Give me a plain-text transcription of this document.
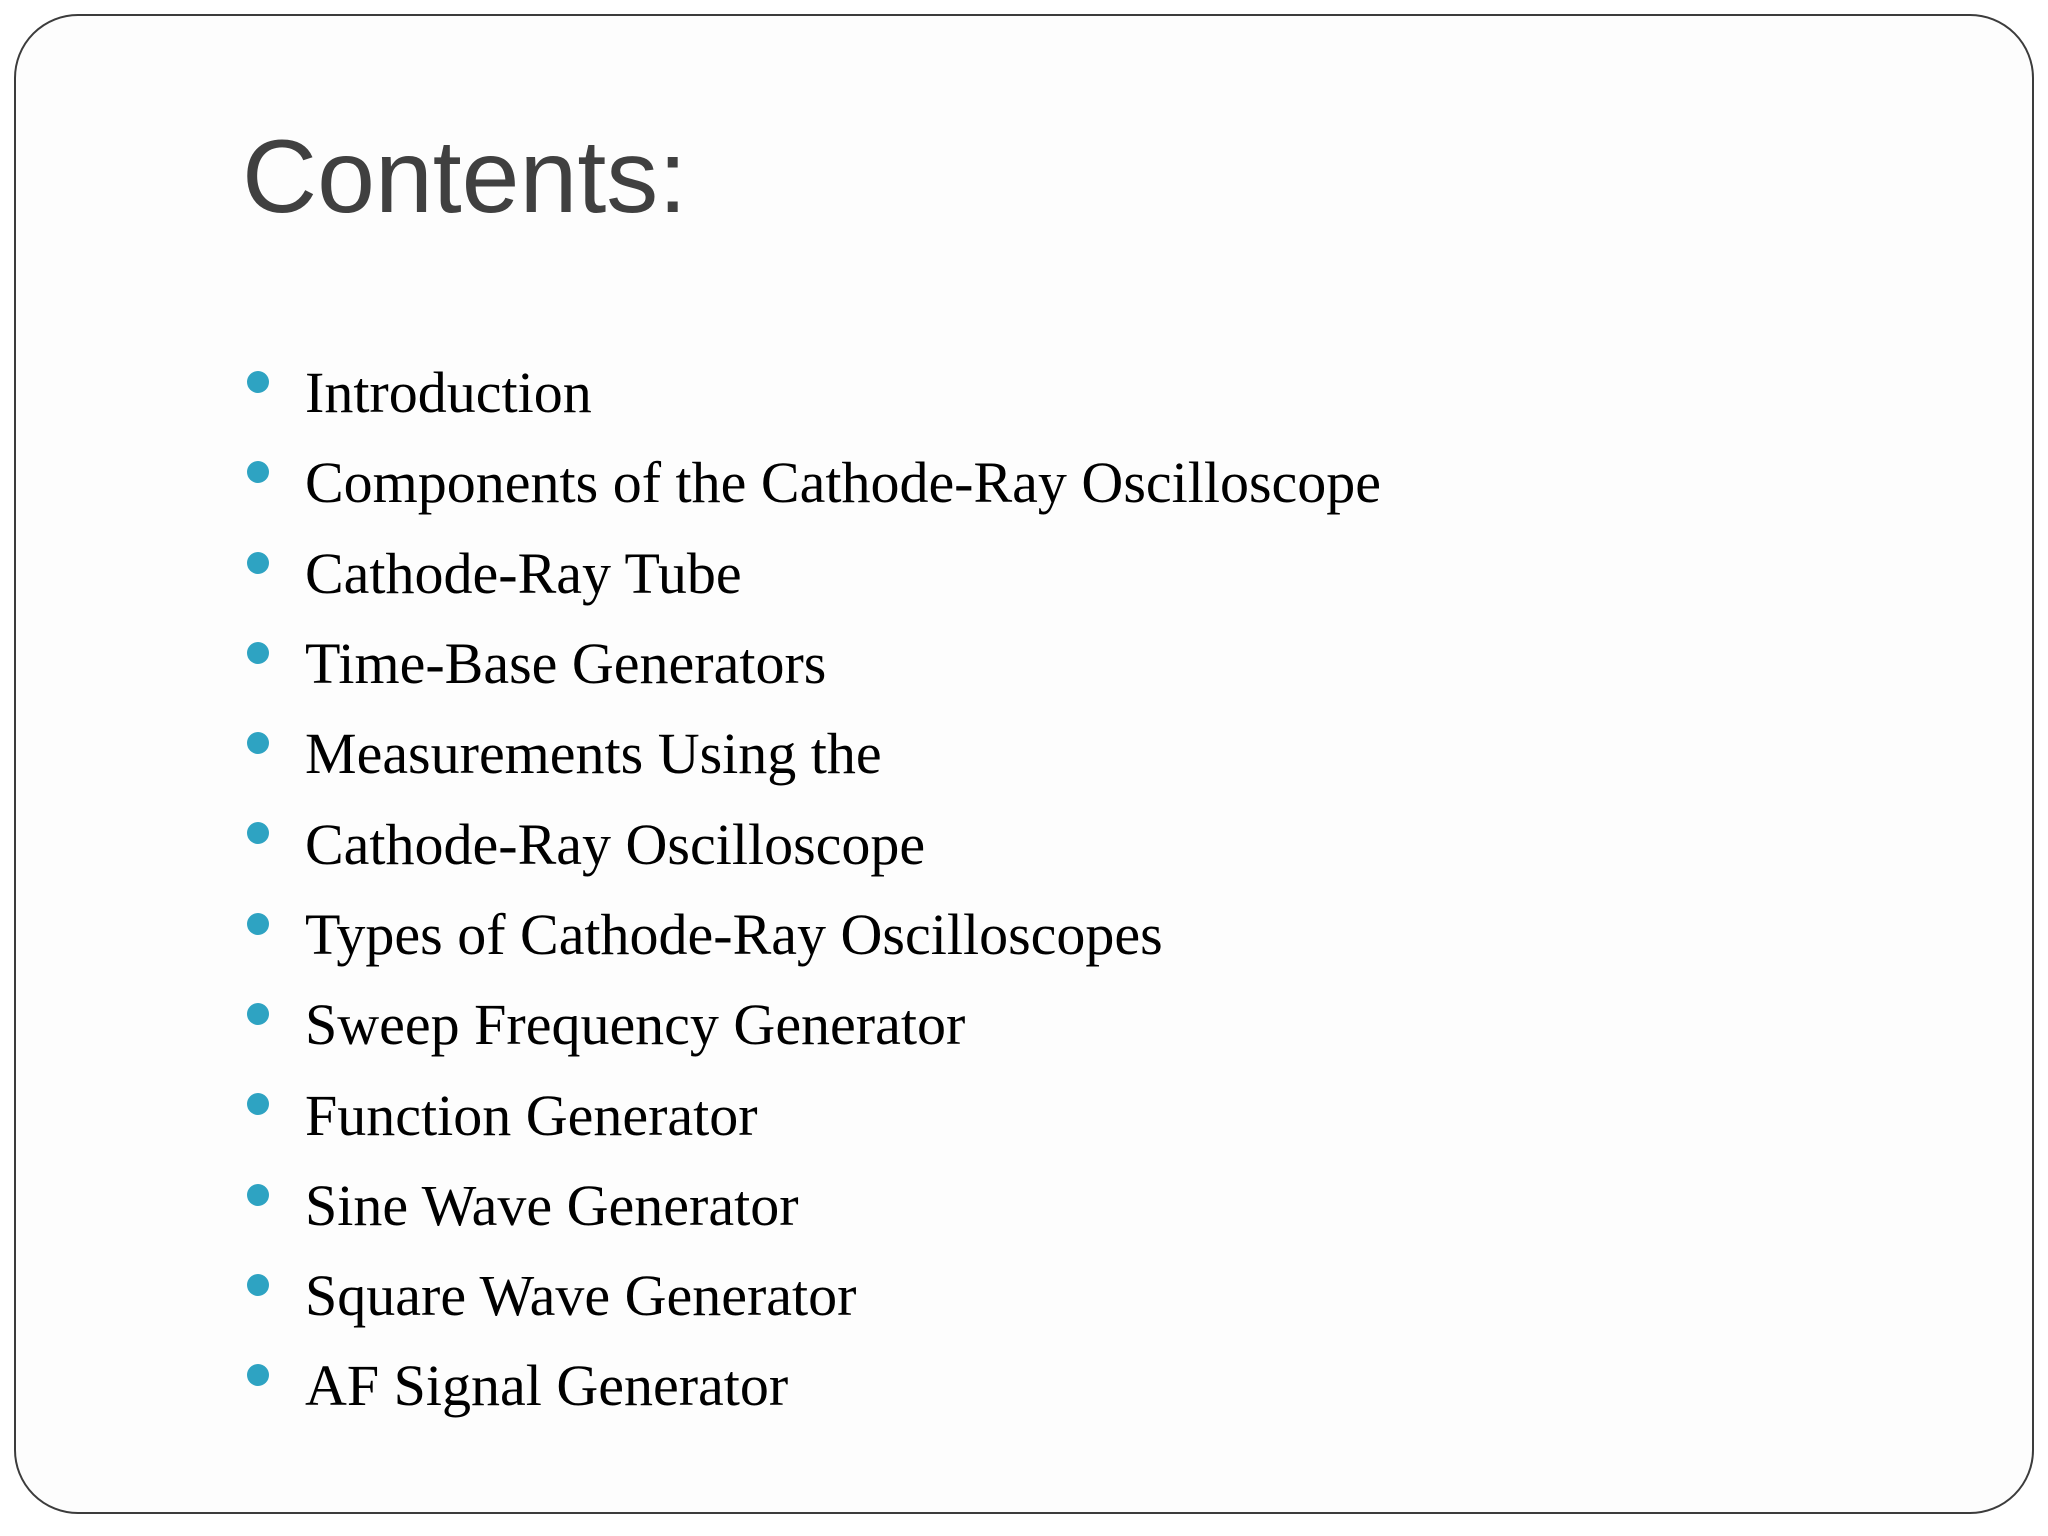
Contents:
Introduction
Components of the Cathode-Ray Oscilloscope
Cathode-Ray Tube
Time-Base Generators
Measurements Using the
Cathode-Ray Oscilloscope
Types of Cathode-Ray Oscilloscopes
Sweep Frequency Generator
Function Generator
Sine Wave Generator
Square Wave Generator
AF Signal Generator
